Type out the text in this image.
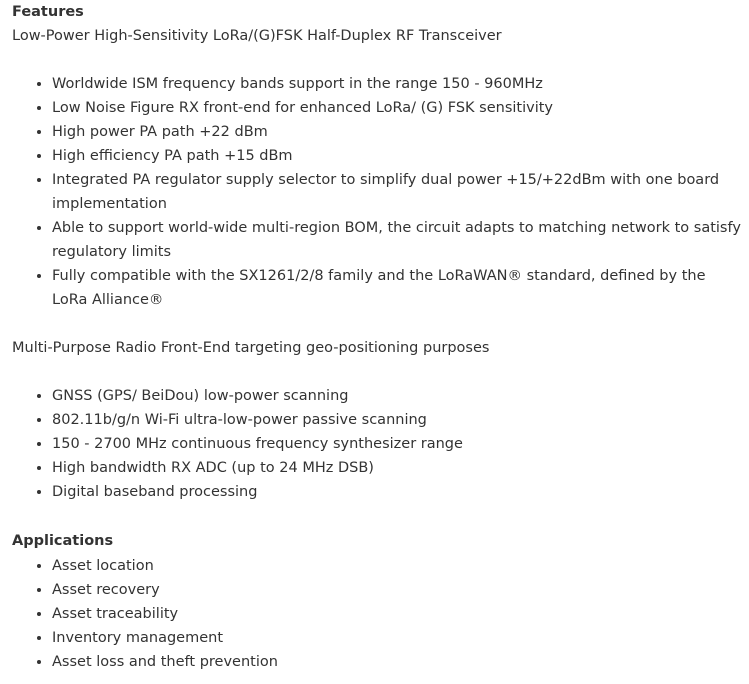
Features
Low-Power High-Sensitivity LoRa/(G)FSK Half-Duplex RF Transceiver
• Worldwide ISM frequency bands support in the range 150 - 960MHz
• Low Noise Figure RX front-end for enhanced LoRa/ (G) FSK sensitivity
• High power PA path +22 dBm
• High efficiency PA path +15 dBm
• Integrated PA regulator supply selector to simplify dual power +15/+22dBm with one board implementation
• Able to support world-wide multi-region BOM, the circuit adapts to matching network to satisfy regulatory limits
• Fully compatible with the SX1261/2/8 family and the LoRaWAN® standard, defined by the LoRa Alliance®
Multi-Purpose Radio Front-End targeting geo-positioning purposes
• GNSS (GPS/ BeiDou) low-power scanning
• 802.11b/g/n Wi-Fi ultra-low-power passive scanning
• 150 - 2700 MHz continuous frequency synthesizer range
• High bandwidth RX ADC (up to 24 MHz DSB)
• Digital baseband processing
Applications
• Asset location
• Asset recovery
• Asset traceability
• Inventory management
• Asset loss and theft prevention
